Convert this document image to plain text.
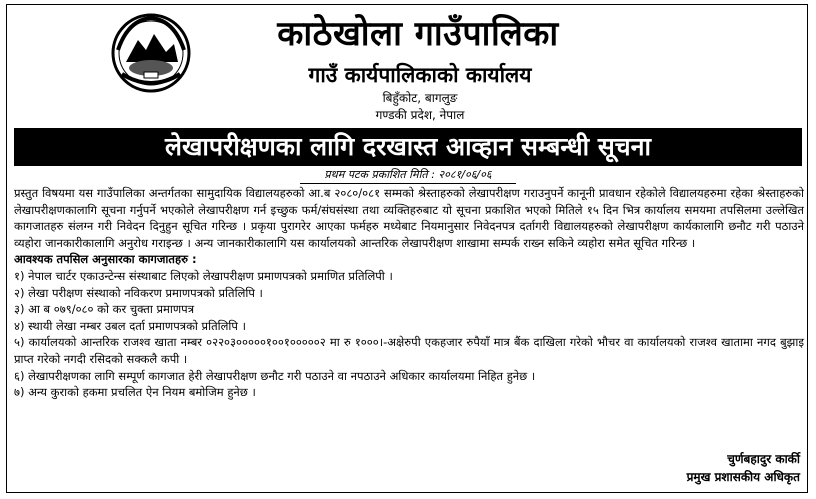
काठेखोला गाउँपालिका
गाउँ कार्यपालिकाको कार्यालय
बिहुँकोट, बागलुङ
गण्डकी प्रदेश, नेपाल
लेखापरीक्षणका लागि दरखास्त आव्हान सम्बन्धी सूचना
प्रथम पटक प्रकाशित मिति : २०८१/०६/०६

प्रस्तुत विषयमा यस गाउँपालिका अन्तर्गतका सामुदायिक विद्यालयहरुको आ.ब २०८०/०८१ सम्मको श्रेस्ताहरुको लेखापरीक्षण गराउनुपर्ने कानूनी प्रावधान रहेकोले विद्यालयहरुमा रहेका श्रेस्ताहरुको लेखापरीक्षणकालागि सूचना गर्नुपर्ने भएकोले लेखापरीक्षण गर्न इच्छुक फर्म/संघसंस्था तथा व्यक्तिहरुबाट यो सूचना प्रकाशित भएको मितिले १५ दिन भित्र कार्यालय समयमा तपसिलमा उल्लेखित कागजातहरु संलग्न गरी निवेदन दिनुहुन सूचित गरिन्छ । प्रकृया पुरागरेर आएका फर्महरु मध्येबाट नियमानुसार निवेदनपत्र दर्तागरी विद्यालयहरुको लेखापरीक्षण कार्यकालागि छनौट गरी पठाउने व्यहोरा जानकारीकालागि अनुरोध गराइन्छ । अन्य जानकारीकालागि यस कार्यालयको आन्तरिक लेखापरीक्षण शाखामा सम्पर्क राख्न सकिने व्यहोरा समेत सूचित गरिन्छ ।

आवश्यक तपसिल अनुसारका कागजातहरु :

१) नेपाल चार्टर एकाउन्टेन्स संस्थाबाट लिएको लेखापरीक्षण प्रमाणपत्रको प्रमाणित प्रतिलिपी ।
२) लेखा परीक्षण संस्थाको नविकरण प्रमाणपत्रको प्रतिलिपि ।
३) आ ब ०७९/०८० को कर चुक्ता प्रमाणपत्र
४) स्थायी लेखा नम्बर उबल दर्ता प्रमाणपत्रको प्रतिलिपि ।
५) कार्यालयको आन्तरिक राजश्व खाता नम्बर ०२२०३०००००१००१०००००२ मा रु १०००।-अक्षेरुपी एकहजार रुपैयाँ मात्र बैंक दाखिला गरेको भौचर वा कार्यालयको राजश्व खातामा नगद बुझाइ प्राप्त गरेको नगदी रसिदको सक्कलै कपी ।
६) लेखापरीक्षणका लागि सम्पूर्ण कागजात हेरी लेखापरीक्षण छनौट गरी पठाउने वा नपठाउने अधिकार कार्यालयमा निहित हुनेछ ।
७) अन्य कुराको हकमा प्रचलित ऐन नियम बमोजिम हुनेछ ।
चुर्णबहादुर कार्की
प्रमुख प्रशासकीय अधिकृत
